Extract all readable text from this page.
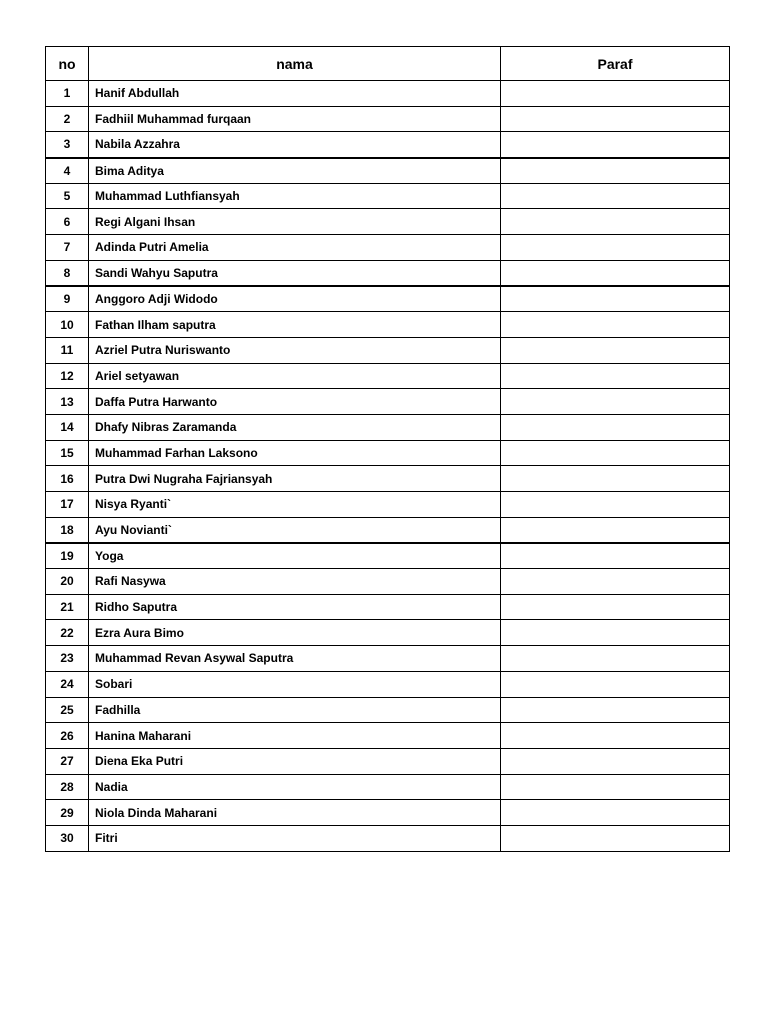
no	nama	Paraf
1	Hanif Abdullah	
2	Fadhiil Muhammad furqaan	
3	Nabila Azzahra	
4	Bima Aditya	
5	Muhammad Luthfiansyah	
6	Regi Algani Ihsan	
7	Adinda Putri Amelia	
8	Sandi Wahyu Saputra	
9	Anggoro Adji Widodo	
10	Fathan Ilham saputra	
11	Azriel Putra Nuriswanto	
12	Ariel setyawan	
13	Daffa Putra Harwanto	
14	Dhafy Nibras Zaramanda	
15	Muhammad Farhan Laksono	
16	Putra Dwi Nugraha Fajriansyah	
17	Nisya Ryanti`	
18	Ayu Novianti`	
19	Yoga	
20	Rafi Nasywa	
21	Ridho Saputra	
22	Ezra Aura Bimo	
23	Muhammad Revan Asywal Saputra	
24	Sobari	
25	Fadhilla	
26	Hanina Maharani	
27	Diena Eka Putri	
28	Nadia	
29	Niola Dinda Maharani	
30	Fitri	
